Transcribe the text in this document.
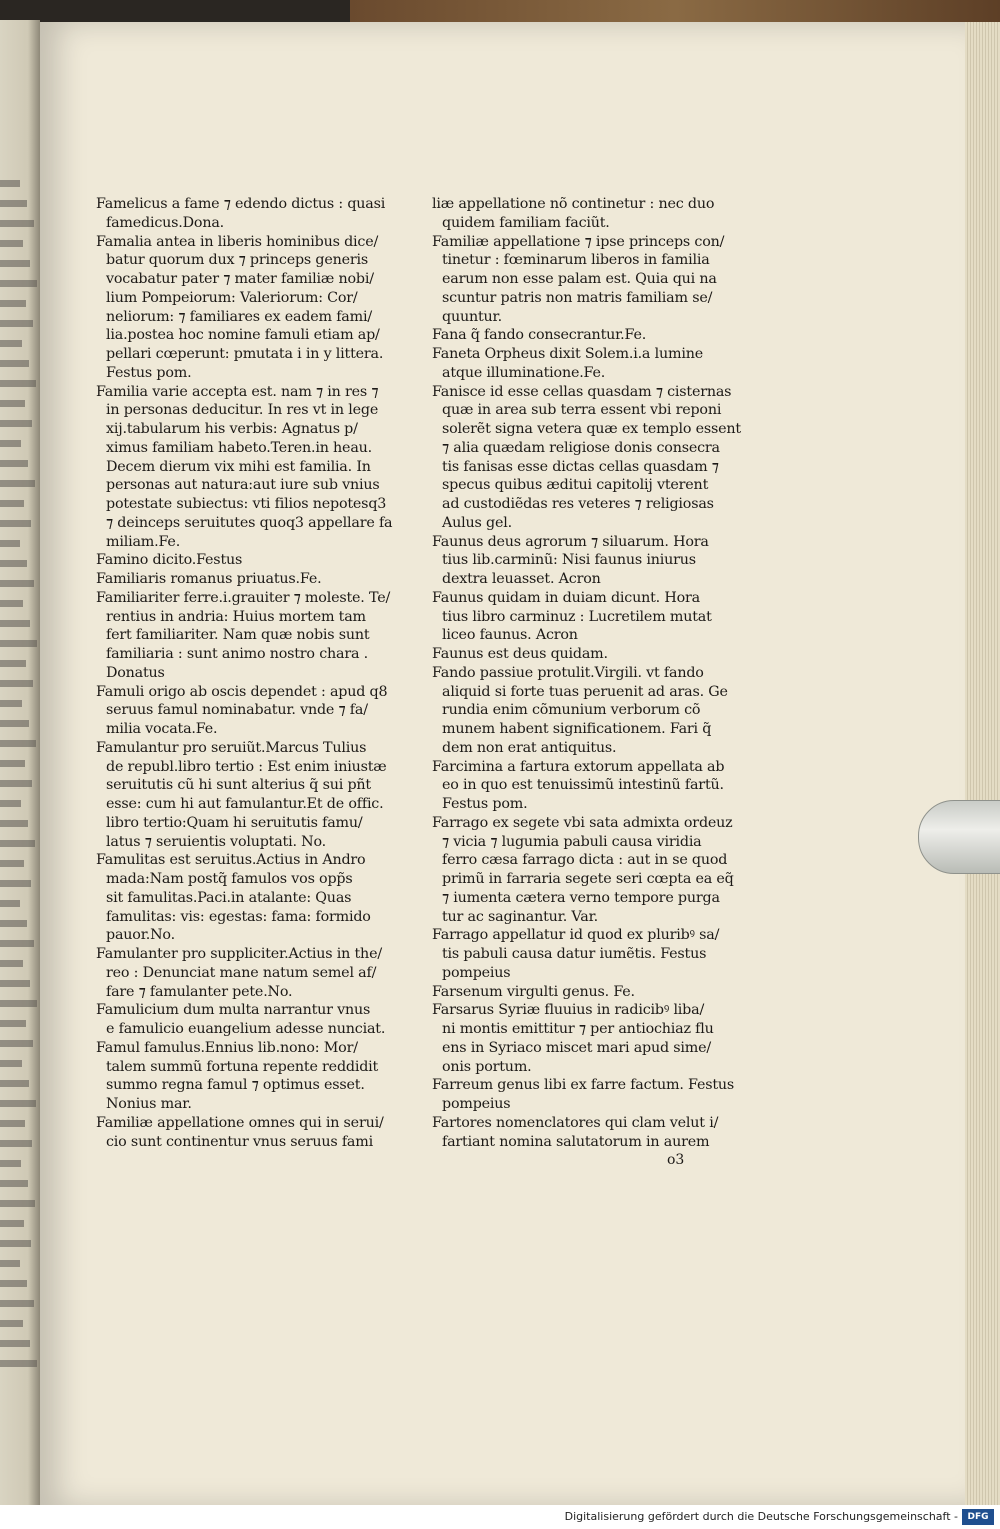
Famelicus a fame ⁊ edendo dictus : quasi

famedicus.Dona.

Famalia antea in liberis hominibus dice/

batur quorum dux ⁊ princeps generis

vocabatur pater ⁊ mater familiæ nobi/

lium Pompeiorum: Valeriorum: Cor/

neliorum: ⁊ familiares ex eadem fami/

lia.postea hoc nomine famuli etiam ap/

pellari cœperunt: pmutata i in y littera.

Festus pom.

Familia varie accepta est. nam ⁊ in res ⁊

in personas deducitur. In res vt in lege

xij.tabularum his verbis: Agnatus p/

ximus familiam habeto.Teren.in heau.

Decem dierum vix mihi est familia. In

personas aut natura:aut iure sub vnius

potestate subiectus: vti filios nepotesq3

⁊ deinceps seruitutes quoq3 appellare fa

miliam.Fe.

Famino dicito.Festus

Familiaris romanus priuatus.Fe.

Familiariter ferre.i.grauiter ⁊ moleste. Te/

rentius in andria: Huius mortem tam

fert familiariter. Nam quæ nobis sunt

familiaria : sunt animo nostro chara .

Donatus

Famuli origo ab oscis dependet : apud q8

seruus famul nominabatur. vnde ⁊ fa/

milia vocata.Fe.

Famulantur pro seruiũt.Marcus Tulius

de republ.libro tertio : Est enim iniustæ

seruitutis cũ hi sunt alterius q̃ sui pñt

esse: cum hi aut famulantur.Et de offic.

libro tertio:Quam hi seruitutis famu/

latus ⁊ seruientis voluptati. No.

Famulitas est seruitus.Actius in Andro

mada:Nam postq̃ famulos vos opp̃s

sit famulitas.Paci.in atalante: Quas

famulitas: vis: egestas: fama: formido

pauor.No.

Famulanter pro suppliciter.Actius in the/

reo : Denunciat mane natum semel af/

fare ⁊ famulanter pete.No.

Famulicium dum multa narrantur vnus

e famulicio euangelium adesse nunciat.

Famul famulus.Ennius lib.nono: Mor/

talem summũ fortuna repente reddidit

summo regna famul ⁊ optimus esset.

Nonius mar.

Familiæ appellatione omnes qui in serui/

cio sunt continentur vnus seruus fami

liæ appellatione nõ continetur : nec duo

quidem familiam faciũt.

Familiæ appellatione ⁊ ipse princeps con/

tinetur : fœminarum liberos in familia

earum non esse palam est. Quia qui na

scuntur patris non matris familiam se/

quuntur.

Fana q̃ fando consecrantur.Fe.

Faneta Orpheus dixit Solem.i.a lumine

atque illuminatione.Fe.

Fanisce id esse cellas quasdam ⁊ cisternas

quæ in area sub terra essent vbi reponi

solerẽt signa vetera quæ ex templo essent

⁊ alia quædam religiose donis consecra

tis fanisas esse dictas cellas quasdam ⁊

specus quibus æditui capitolij vterent

ad custodiẽdas res veteres ⁊ religiosas

Aulus gel.

Faunus deus agrorum ⁊ siluarum. Hora

tius lib.carminũ: Nisi faunus iniurus

dextra leuasset. Acron

Faunus quidam in duiam dicunt. Hora

tius libro carminuz : Lucretilem mutat

liceo faunus. Acron

Faunus est deus quidam.

Fando passiue protulit.Virgili. vt fando

aliquid si forte tuas peruenit ad aras. Ge

rundia enim cõmunium verborum cõ

munem habent significationem. Fari q̃

dem non erat antiquitus.

Farcimina a fartura extorum appellata ab

eo in quo est tenuissimũ intestinũ fartũ.

Festus pom.

Farrago ex segete vbi sata admixta ordeuz

⁊ vicia ⁊ lugumia pabuli causa viridia

ferro cæsa farrago dicta : aut in se quod

primũ in farraria segete seri cœpta ea eq̃

⁊ iumenta cætera verno tempore purga

tur ac saginantur. Var.

Farrago appellatur id quod ex pluribꝰ sa/

tis pabuli causa datur iumẽtis. Festus

pompeius

Farsenum virgulti genus. Fe.

Farsarus Syriæ fluuius in radicibꝰ liba/

ni montis emittitur ⁊ per antiochiaz flu

ens in Syriaco miscet mari apud sime/

onis portum.

Farreum genus libi ex farre factum. Festus

pompeius

Fartores nomenclatores qui clam velut i/

fartiant nomina salutatorum in aurem

o3
Digitalisierung gefördert durch die Deutsche Forschungsgemeinschaft -	DFG
